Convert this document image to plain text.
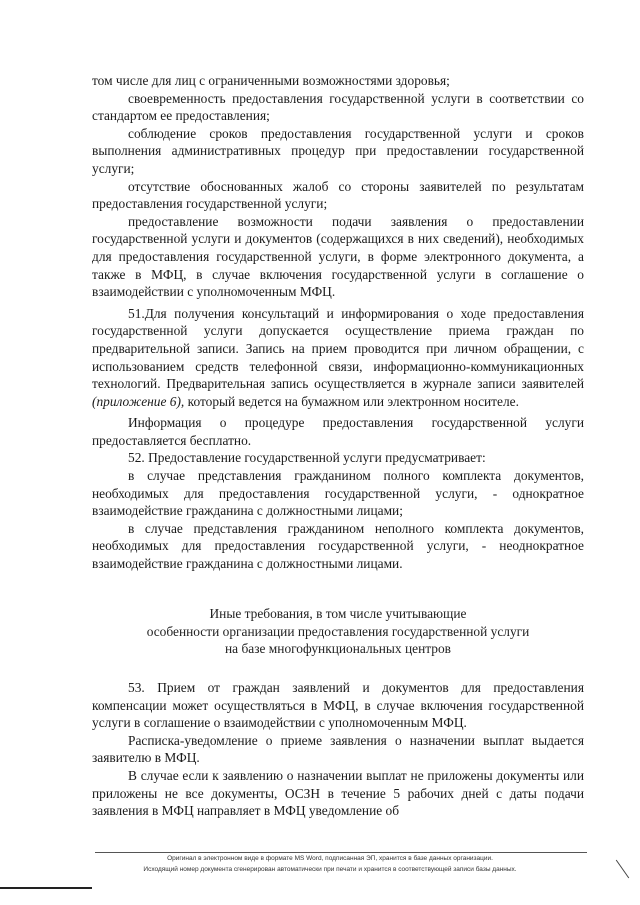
том числе для лиц с ограниченными возможностями здоровья;

своевременность предоставления государственной услуги в соответствии со стандартом ее предоставления;

соблюдение сроков предоставления государственной услуги и сроков выполнения административных процедур при предоставлении государственной услуги;

отсутствие обоснованных жалоб со стороны заявителей по результатам предоставления государственной услуги;

предоставление возможности подачи заявления о предоставлении государственной услуги и документов (содержащихся в них сведений), необходимых для предоставления государственной услуги, в форме электронного документа, а также в МФЦ, в случае включения государственной услуги в соглашение о взаимодействии с уполномоченным МФЦ.

51.Для получения консультаций и информирования о ходе предоставления государственной услуги допускается осуществление приема граждан по предварительной записи. Запись на прием проводится при личном обращении, с использованием средств телефонной связи, информационно-коммуникационных технологий. Предварительная запись осуществляется в журнале записи заявителей (приложение 6), который ведется на бумажном или электронном носителе.

Информация о процедуре предоставления государственной услуги предоставляется бесплатно.

52. Предоставление государственной услуги предусматривает:

в случае представления гражданином полного комплекта документов, необходимых для предоставления государственной услуги, - однократное взаимодействие гражданина с должностными лицами;

в случае представления гражданином неполного комплекта документов, необходимых для предоставления государственной услуги, - неоднократное взаимодействие гражданина с должностными лицами.

Иные требования, в том числе учитывающие
особенности организации предоставления государственной услуги
на базе многофункциональных центров

53. Прием от граждан заявлений и документов для предоставления компенсации может осуществляться в МФЦ, в случае включения государственной услуги в соглашение о взаимодействии с уполномоченным МФЦ.

Расписка-уведомление о приеме заявления о назначении выплат выдается заявителю в МФЦ.

В случае если к заявлению о назначении выплат не приложены документы или приложены не все документы, ОСЗН в течение 5 рабочих дней с даты подачи заявления в МФЦ направляет в МФЦ уведомление об

Оригинал в электронном виде в формате MS Word, подписанная ЭП, хранится в базе данных организации.
Исходящий номер документа сгенерирован автоматически при печати и хранится в соответствующей записи базы данных.
